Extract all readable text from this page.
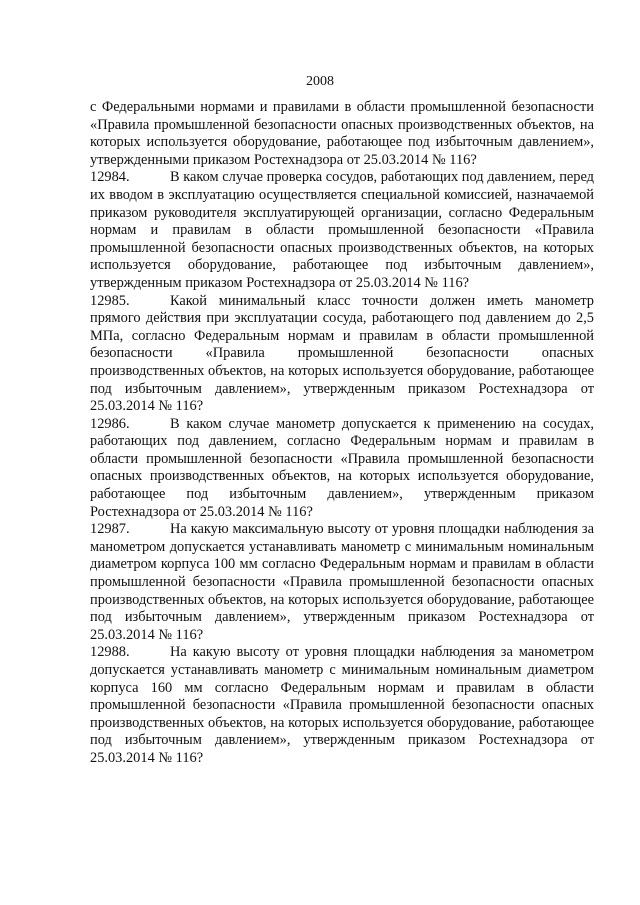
2008

с Федеральными нормами и правилами в области промышленной безопасности «Правила промышленной безопасности опасных производственных объектов, на которых используется оборудование, работающее под избыточным давлением», утвержденными приказом Ростехнадзора от 25.03.2014 № 116?

12984.	В каком случае проверка сосудов, работающих под давлением, перед их вводом в эксплуатацию осуществляется специальной комиссией, назначаемой приказом руководителя эксплуатирующей организации, согласно Федеральным нормам и правилам в области промышленной безопасности «Правила промышленной безопасности опасных производственных объектов, на которых используется оборудование, работающее под избыточным давлением», утвержденным приказом Ростехнадзора от 25.03.2014 № 116?

12985.	Какой минимальный класс точности должен иметь манометр прямого действия при эксплуатации сосуда, работающего под давлением до 2,5 МПа, согласно Федеральным нормам и правилам в области промышленной безопасности «Правила промышленной безопасности опасных производственных объектов, на которых используется оборудование, работающее под избыточным давлением», утвержденным приказом Ростехнадзора от 25.03.2014 № 116?

12986.	В каком случае манометр допускается к применению на сосудах, работающих под давлением, согласно Федеральным нормам и правилам в области промышленной безопасности «Правила промышленной безопасности опасных производственных объектов, на которых используется оборудование, работающее под избыточным давлением», утвержденным приказом Ростехнадзора от 25.03.2014 № 116?

12987.	На какую максимальную высоту от уровня площадки наблюдения за манометром допускается устанавливать манометр с минимальным номинальным диаметром корпуса 100 мм согласно Федеральным нормам и правилам в области промышленной безопасности «Правила промышленной безопасности опасных производственных объектов, на которых используется оборудование, работающее под избыточным давлением», утвержденным приказом Ростехнадзора от 25.03.2014 № 116?

12988.	На какую высоту от уровня площадки наблюдения за манометром допускается устанавливать манометр с минимальным номинальным диаметром корпуса 160 мм согласно Федеральным нормам и правилам в области промышленной безопасности «Правила промышленной безопасности опасных производственных объектов, на которых используется оборудование, работающее под избыточным давлением», утвержденным приказом Ростехнадзора от 25.03.2014 № 116?
